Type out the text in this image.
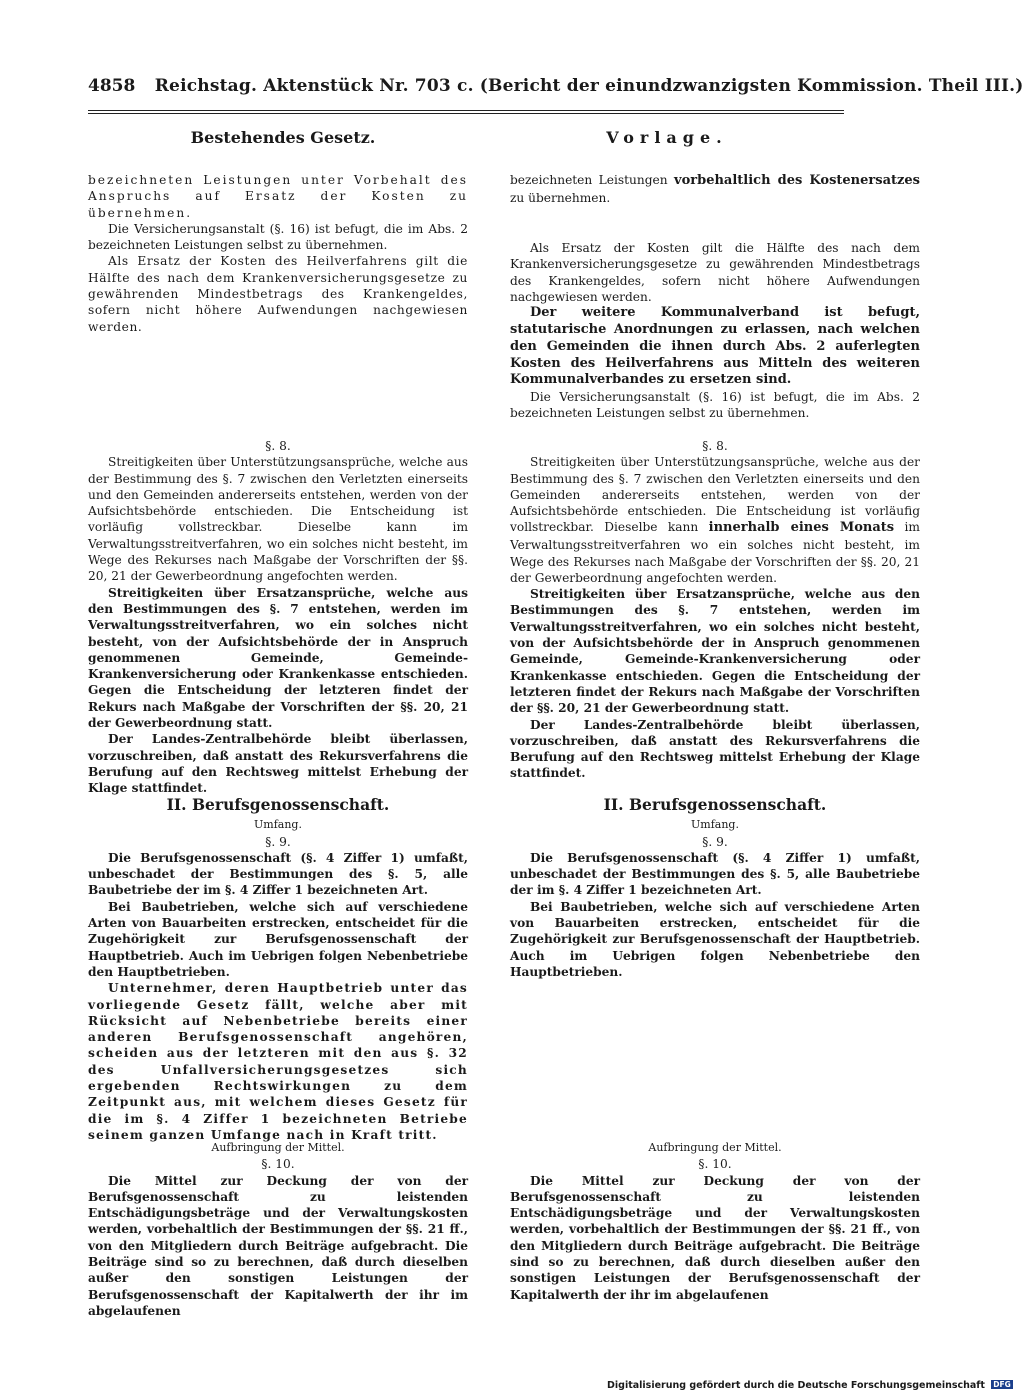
4858 Reichstag. Aktenstück Nr. 703 c. (Bericht der einundzwanzigsten Kommission. Theil III.)
Bestehendes Gesetz.	Vorlage.

bezeichneten Leistungen unter Vorbehalt des Anspruchs auf Ersatz der Kosten zu übernehmen.

Die Versicherungsanstalt (§. 16) ist befugt, die im Abs. 2 bezeichneten Leistungen selbst zu übernehmen.

Als Ersatz der Kosten des Heilverfahrens gilt die Hälfte des nach dem Krankenversicherungsgesetze zu gewährenden Mindestbetrags des Krankengeldes, sofern nicht höhere Aufwendungen nachgewiesen werden.

§. 8.

Streitigkeiten über Unterstützungsansprüche, welche aus der Bestimmung des §. 7 zwischen den Verletzten einerseits und den Gemeinden andererseits entstehen, werden von der Aufsichtsbehörde entschieden. Die Entscheidung ist vorläufig vollstreckbar. Dieselbe kann im Verwaltungsstreitverfahren, wo ein solches nicht besteht, im Wege des Rekurses nach Maßgabe der Vorschriften der §§. 20, 21 der Gewerbeordnung angefochten werden.

Streitigkeiten über Ersatzansprüche, welche aus den Bestimmungen des §. 7 entstehen, werden im Verwaltungsstreitverfahren, wo ein solches nicht besteht, von der Aufsichtsbehörde der in Anspruch genommenen Gemeinde, Gemeinde-Krankenversicherung oder Krankenkasse entschieden. Gegen die Entscheidung der letzteren findet der Rekurs nach Maßgabe der Vorschriften der §§. 20, 21 der Gewerbeordnung statt.

Der Landes-Zentralbehörde bleibt überlassen, vorzuschreiben, daß anstatt des Rekursverfahrens die Berufung auf den Rechtsweg mittelst Erhebung der Klage stattfindet.

II. Berufsgenossenschaft.

Umfang.

§. 9.

Die Berufsgenossenschaft (§. 4 Ziffer 1) umfaßt, unbeschadet der Bestimmungen des §. 5, alle Baubetriebe der im §. 4 Ziffer 1 bezeichneten Art.

Bei Baubetrieben, welche sich auf verschiedene Arten von Bauarbeiten erstrecken, entscheidet für die Zugehörigkeit zur Berufsgenossenschaft der Hauptbetrieb. Auch im Uebrigen folgen Nebenbetriebe den Hauptbetrieben.

Unternehmer, deren Hauptbetrieb unter das vorliegende Gesetz fällt, welche aber mit Rücksicht auf Nebenbetriebe bereits einer anderen Berufsgenossenschaft angehören, scheiden aus der letzteren mit den aus §. 32 des Unfallversicherungsgesetzes sich ergebenden Rechtswirkungen zu dem Zeitpunkt aus, mit welchem dieses Gesetz für die im §. 4 Ziffer 1 bezeichneten Betriebe seinem ganzen Umfange nach in Kraft tritt.

Aufbringung der Mittel.

§. 10.

Die Mittel zur Deckung der von der Berufsgenossenschaft zu leistenden Entschädigungsbeträge und der Verwaltungskosten werden, vorbehaltlich der Bestimmungen der §§. 21 ff., von den Mitgliedern durch Beiträge aufgebracht. Die Beiträge sind so zu berechnen, daß durch dieselben außer den sonstigen Leistungen der Berufsgenossenschaft der Kapitalwerth der ihr im abgelaufenen

bezeichneten Leistungen vorbehaltlich des Kostenersatzes zu übernehmen.

Als Ersatz der Kosten gilt die Hälfte des nach dem Krankenversicherungsgesetze zu gewährenden Mindestbetrags des Krankengeldes, sofern nicht höhere Aufwendungen nachgewiesen werden.

Der weitere Kommunalverband ist befugt, statutarische Anordnungen zu erlassen, nach welchen den Gemeinden die ihnen durch Abs. 2 auferlegten Kosten des Heilverfahrens aus Mitteln des weiteren Kommunalverbandes zu ersetzen sind.

Die Versicherungsanstalt (§. 16) ist befugt, die im Abs. 2 bezeichneten Leistungen selbst zu übernehmen.

§. 8.

Streitigkeiten über Unterstützungsansprüche, welche aus der Bestimmung des §. 7 zwischen den Verletzten einerseits und den Gemeinden andererseits entstehen, werden von der Aufsichtsbehörde entschieden. Die Entscheidung ist vorläufig vollstreckbar. Dieselbe kann innerhalb eines Monats im Verwaltungsstreitverfahren wo ein solches nicht besteht, im Wege des Rekurses nach Maßgabe der Vorschriften der §§. 20, 21 der Gewerbeordnung angefochten werden.

Streitigkeiten über Ersatzansprüche, welche aus den Bestimmungen des §. 7 entstehen, werden im Verwaltungsstreitverfahren, wo ein solches nicht besteht, von der Aufsichtsbehörde der in Anspruch genommenen Gemeinde, Gemeinde-Krankenversicherung oder Krankenkasse entschieden. Gegen die Entscheidung der letzteren findet der Rekurs nach Maßgabe der Vorschriften der §§. 20, 21 der Gewerbeordnung statt.

Der Landes-Zentralbehörde bleibt überlassen, vorzuschreiben, daß anstatt des Rekursverfahrens die Berufung auf den Rechtsweg mittelst Erhebung der Klage stattfindet.

II. Berufsgenossenschaft.

Umfang.

§. 9.

Die Berufsgenossenschaft (§. 4 Ziffer 1) umfaßt, unbeschadet der Bestimmungen des §. 5, alle Baubetriebe der im §. 4 Ziffer 1 bezeichneten Art.

Bei Baubetrieben, welche sich auf verschiedene Arten von Bauarbeiten erstrecken, entscheidet für die Zugehörigkeit zur Berufsgenossenschaft der Hauptbetrieb. Auch im Uebrigen folgen Nebenbetriebe den Hauptbetrieben.

Aufbringung der Mittel.

§. 10.

Die Mittel zur Deckung der von der Berufsgenossenschaft zu leistenden Entschädigungsbeträge und der Verwaltungskosten werden, vorbehaltlich der Bestimmungen der §§. 21 ff., von den Mitgliedern durch Beiträge aufgebracht. Die Beiträge sind so zu berechnen, daß durch dieselben außer den sonstigen Leistungen der Berufsgenossenschaft der Kapitalwerth der ihr im abgelaufenen

Digitalisierung gefördert durch die Deutsche Forschungsgemeinschaft DFG
